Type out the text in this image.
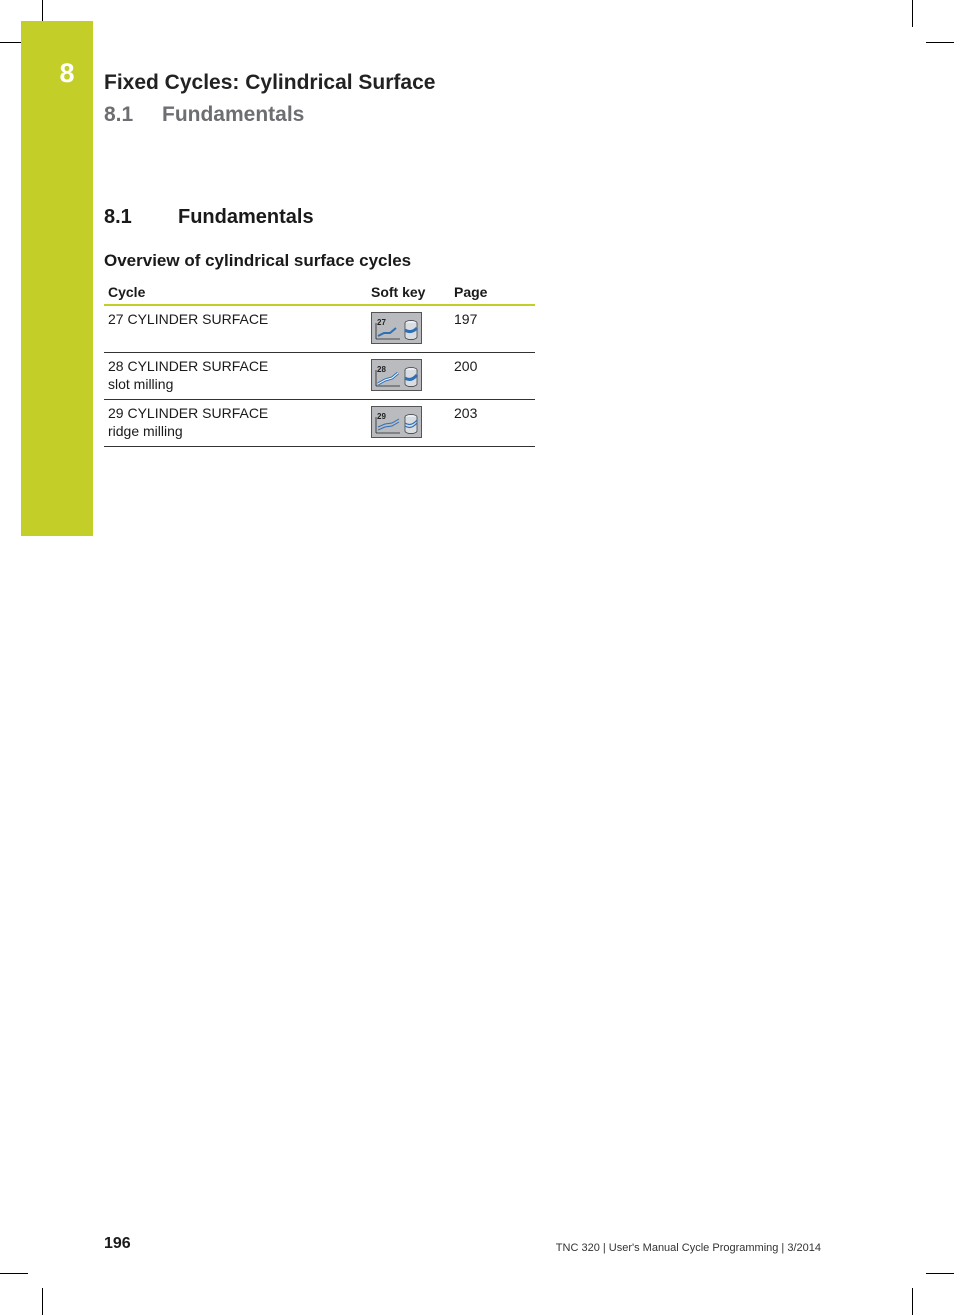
8	Fixed Cycles: Cylindrical Surface
8.1	Fundamentals
8.1	Fundamentals
Overview of cylindrical surface cycles
Cycle	Soft key	Page

27 CYLINDER SURFACE	27	197

28 CYLINDER SURFACE
slot milling	28	200

29 CYLINDER SURFACE
ridge milling	29	203
196	TNC 320 | User's Manual Cycle Programming | 3/2014
